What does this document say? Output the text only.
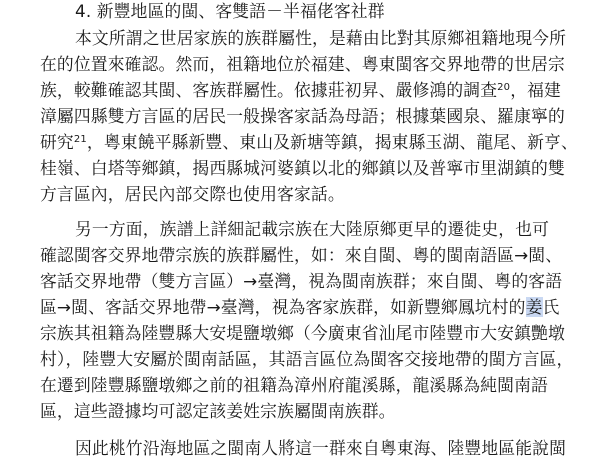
4. 新豐地區的閩、客雙語－半福佬客社群
本文所謂之世居家族的族群屬性，是藉由比對其原鄉祖籍地現今所
在的位置來確認。然而，祖籍地位於福建、粵東閩客交界地帶的世居宗
族，較難確認其閩、客族群屬性。依據莊初昇、嚴修鴻的調查$^{20}$，福建
漳屬四縣雙方言區的居民一般操客家話為母語；根據葉國泉、羅康寧的
研究$^{21}$，粵東饒平縣新豐、東山及新塘等鎮，揭東縣玉湖、龍尾、新亨、
桂嶺、白塔等鄉鎮，揭西縣城河婆鎮以北的鄉鎮以及普寧市里湖鎮的雙
方言區內，居民內部交際也使用客家話。
另一方面，族譜上詳細記載宗族在大陸原鄉更早的遷徙史，也可
確認閩客交界地帶宗族的族群屬性，如：來自閩、粵的閩南語區→閩、
客話交界地帶（雙方言區）→臺灣，視為閩南族群；來自閩、粵的客語
區→閩、客話交界地帶→臺灣，視為客家族群，如新豐鄉鳳坑村的姜氏
宗族其祖籍為陸豐縣大安堤鹽墩鄉（今廣東省汕尾市陸豐市大安鎮艷墩
村），陸豐大安屬於閩南話區，其語言區位為閩客交接地帶的閩方言區，
在遷到陸豐縣鹽墩鄉之前的祖籍為漳州府龍溪縣，龍溪縣為純閩南語
區，這些證據均可認定該姜姓宗族屬閩南族群。
因此桃竹沿海地區之閩南人將這一群來自粵東海、陸豐地區能說閩
